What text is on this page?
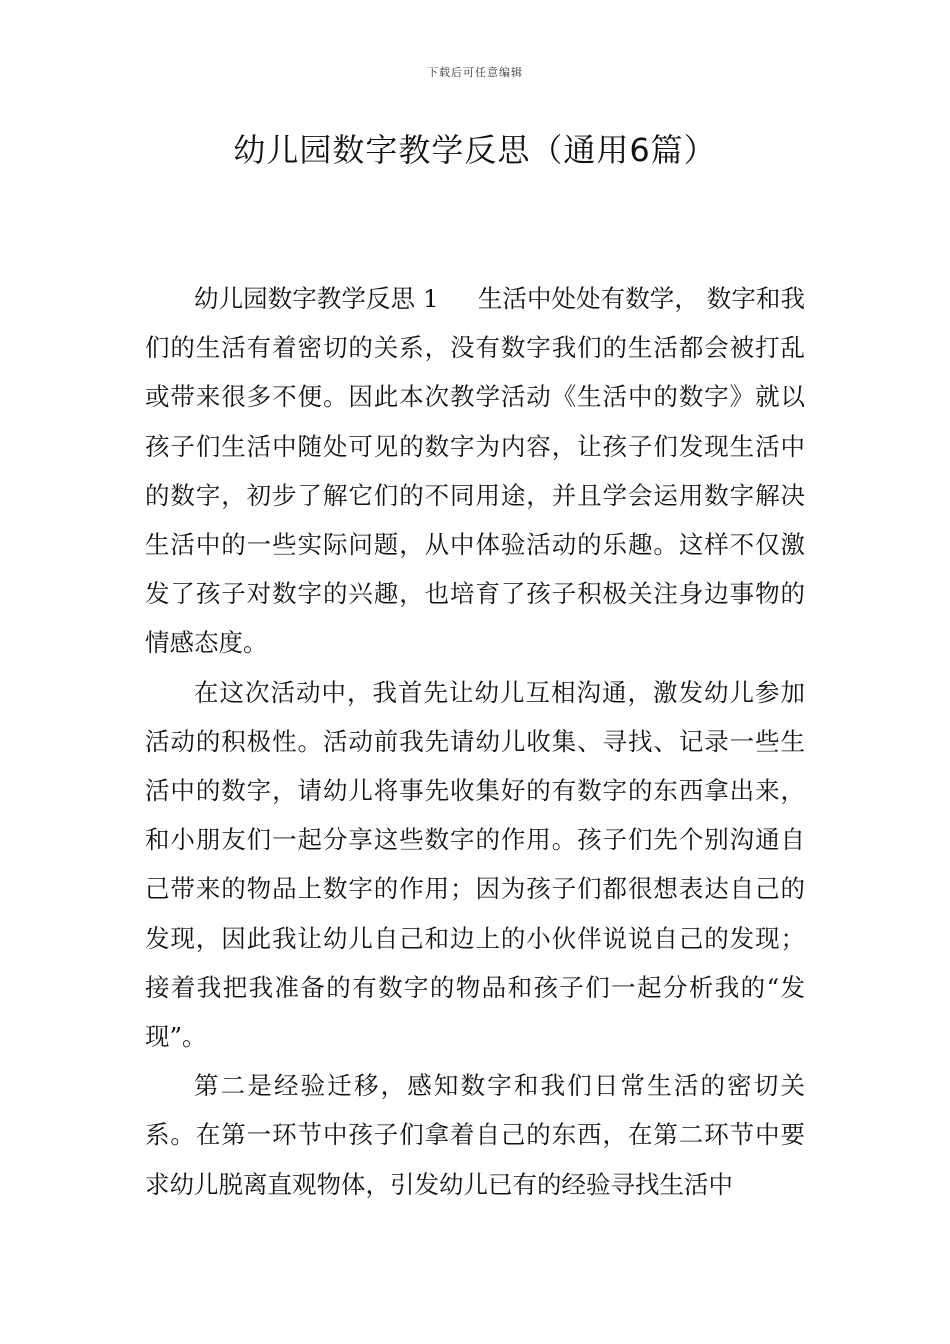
下载后可任意编辑
幼儿园数字教学反思（通用6篇）

幼儿园数字教学反思 1 生活中处处有数学， 数字和我们的生活有着密切的关系，没有数字我们的生活都会被打乱或带来很多不便。因此本次教学活动《生活中的数字》就以孩子们生活中随处可见的数字为内容，让孩子们发现生活中的数字，初步了解它们的不同用途，并且学会运用数字解决生活中的一些实际问题，从中体验活动的乐趣。这样不仅激发了孩子对数字的兴趣，也培育了孩子积极关注身边事物的情感态度。

在这次活动中，我首先让幼儿互相沟通，激发幼儿参加活动的积极性。活动前我先请幼儿收集、寻找、记录一些生活中的数字，请幼儿将事先收集好的有数字的东西拿出来，和小朋友们一起分享这些数字的作用。孩子们先个别沟通自己带来的物品上数字的作用；因为孩子们都很想表达自己的发现，因此我让幼儿自己和边上的小伙伴说说自己的发现；接着我把我准备的有数字的物品和孩子们一起分析我的“发现”。

第二是经验迁移，感知数字和我们日常生活的密切关系。在第一环节中孩子们拿着自己的东西，在第二环节中要求幼儿脱离直观物体，引发幼儿已有的经验寻找生活中
